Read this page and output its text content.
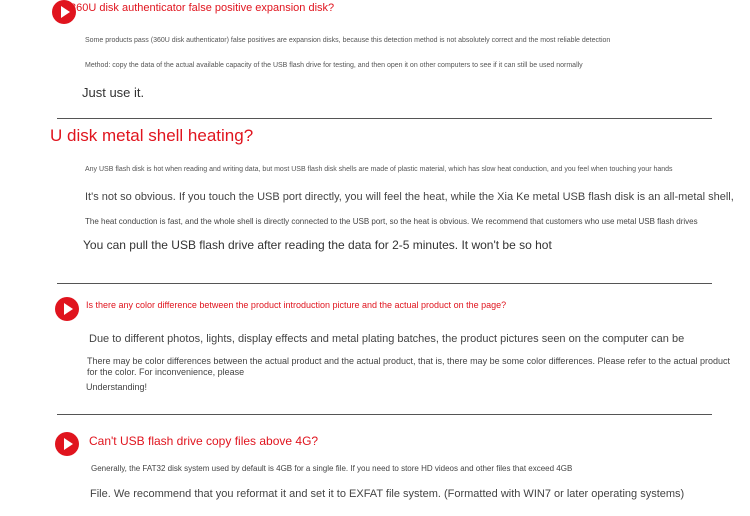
360U disk authenticator false positive expansion disk?
Some products pass (360U disk authenticator) false positives are expansion disks, because this detection method is not absolutely correct and the most reliable detection
Method: copy the data of the actual available capacity of the USB flash drive for testing, and then open it on other computers to see if it can still be used normally
Just use it.
U disk metal shell heating?
Any USB flash disk is hot when reading and writing data, but most USB flash disk shells are made of plastic material, which has slow heat conduction, and you feel when touching your hands
It's not so obvious. If you touch the USB port directly, you will feel the heat, while the Xia Ke metal USB flash disk is an all-metal shell,
The heat conduction is fast, and the whole shell is directly connected to the USB port, so the heat is obvious. We recommend that customers who use metal USB flash drives
You can pull the USB flash drive after reading the data for 2-5 minutes. It won't be so hot
Is there any color difference between the product introduction picture and the actual product on the page?
Due to different photos, lights, display effects and metal plating batches, the product pictures seen on the computer can be
There may be color differences between the actual product and the actual product, that is, there may be some color differences. Please refer to the actual product for the color. For inconvenience, please
Understanding!
Can't USB flash drive copy files above 4G?
Generally, the FAT32 disk system used by default is 4GB for a single file. If you need to store HD videos and other files that exceed 4GB
File. We recommend that you reformat it and set it to EXFAT file system. (Formatted with WIN7 or later operating systems)
